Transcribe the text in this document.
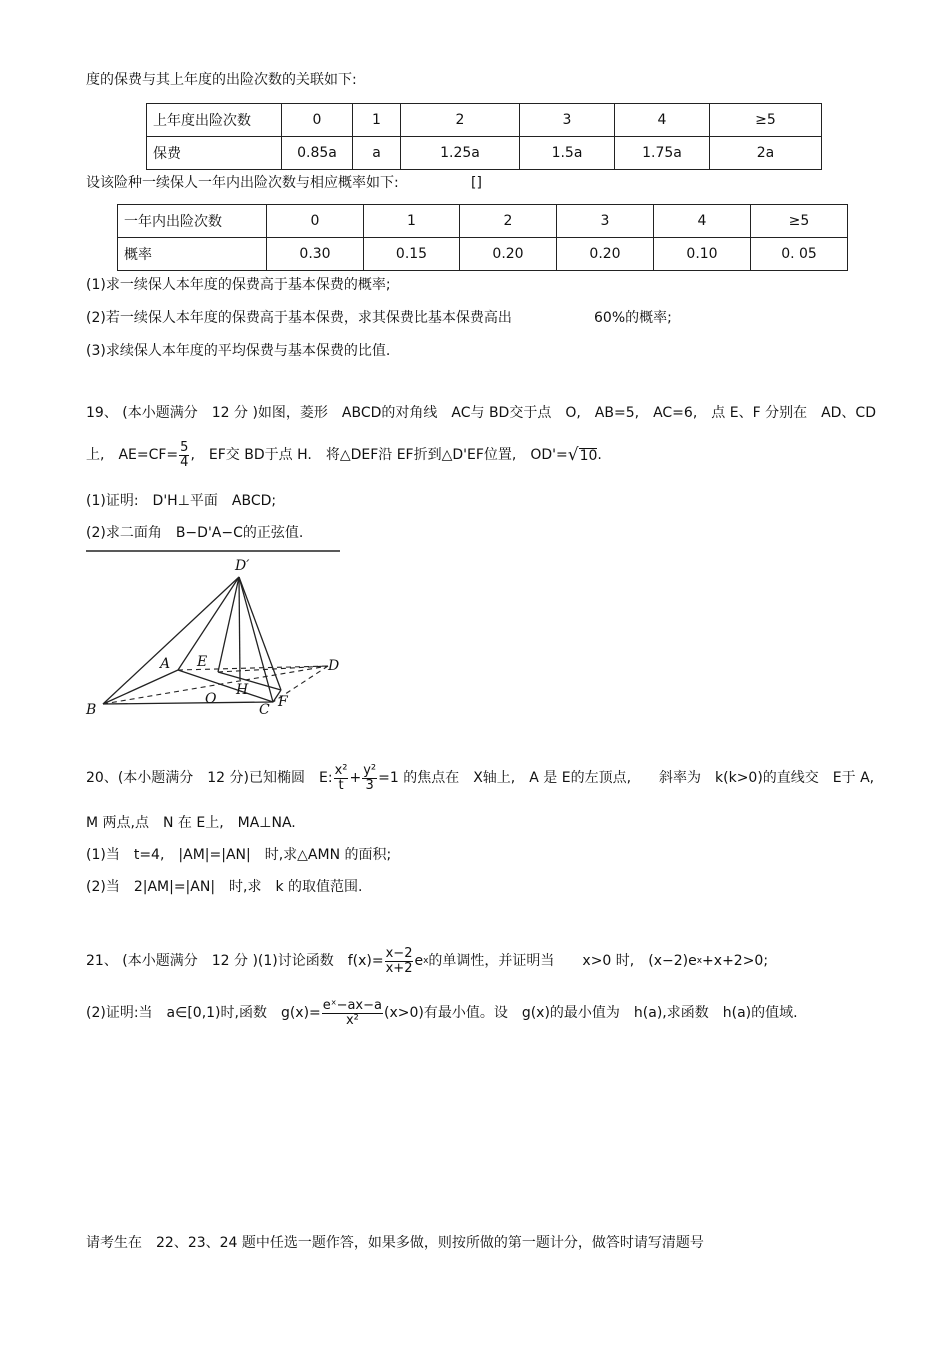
度的保费与其上年度的出险次数的关联如下:
上年度出险次数	0	1	2	3	4	≥5
保费	0.85a	a	1.25a	1.5a	1.75a	2a
设该险种一续保人一年内出险次数与相应概率如下:	[]
一年内出险次数	0	1	2	3	4	≥5
概率	0.30	0.15	0.20	0.20	0.10	0. 05
(1)求一续保人本年度的保费高于基本保费的概率;
(2)若一续保人本年度的保费高于基本保费，求其保费比基本保费高出	60%的概率;
(3)求续保人本年度的平均保费与基本保费的比值.
19、 (本小题满分　12 分 )如图，菱形　ABCD的对角线　AC与 BD交于点　O,　AB=5,　AC=6,　点 E、F 分别在　AD、CD
上,　$AE=CF= \frac{5}{4}$ ,　EF交 BD于点 H.　将△DEF沿 EF折到△D'EF位置,　OD'= √ 10 .
(1)证明:　D'H⊥平面　ABCD;
(2)求二面角　B−D'A−C的正弦值.
D′
A E	D
O
H
C F
B
20、(本小题满分　12 分)已知椭圆　E: $\frac{\text{x²}}{t} + \frac{\text{y²}}{3} =1$ 的焦点在　X轴上,　A 是 E的左顶点,　　斜率为　k(k>0)的直线交　E于 A,
M 两点,点　N 在 E上,　MA⊥NA.
(1)当　t=4,　|AM|=|AN|　时,求△AMN 的面积;
(2)当　2|AM|=|AN|　时,求　k 的取值范围.
21、 (本小题满分　12 分 )(1)讨论函数　$f(x)= \frac{x-2}{x+2}$ e x 的单调性，并证明当　　x>0 时,　(x−2)e x +x+2>0;
(2)证明:当　a∈[0,1)时,函数　$g(x)= \frac{\text{eˣ−ax−a}}{\text{x²}} (x>0)$有最小值。设　g(x)的最小值为　h(a),求函数　h(a)的值域.
请考生在　22、23、24 题中任选一题作答，如果多做，则按所做的第一题计分，做答时请写清题号
